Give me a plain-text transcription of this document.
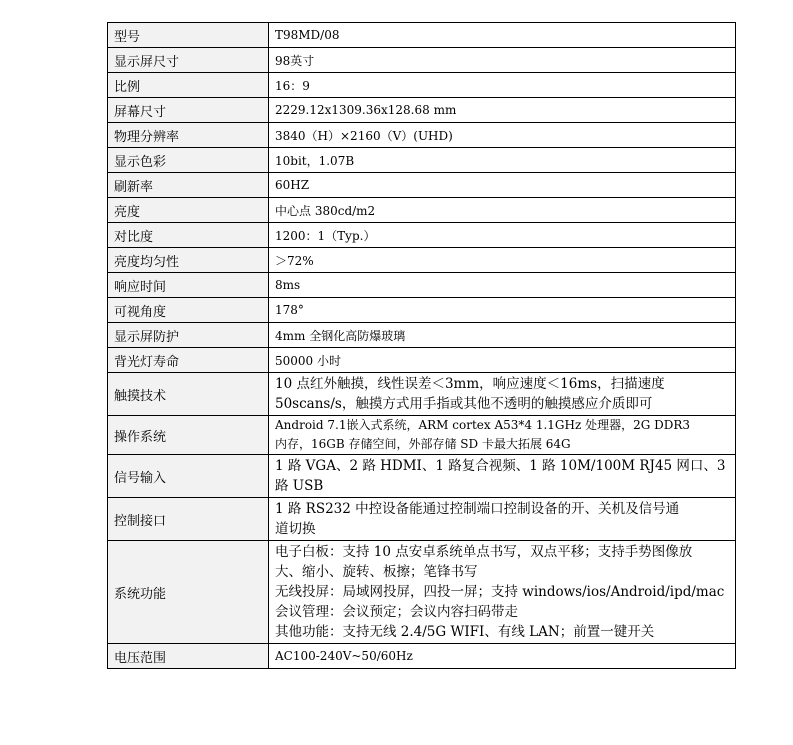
型号	T98MD/08

显示屏尺寸	98英寸

比例	16：9

屏幕尺寸	2229.12x1309.36x128.68 mm

物理分辨率	3840（H）×2160（V）(UHD)

显示色彩	10bit，1.07B

刷新率	60HZ

亮度	中心点 380cd/m2

对比度	1200：1（Typ.）

亮度均匀性	＞72%

响应时间	8ms

可视角度	178°

显示屏防护	4mm 全钢化高防爆玻璃

背光灯寿命	50000 小时

触摸技术	10 点红外触摸，线性误差＜3mm，响应速度＜16ms，扫描速度
50scans/s，触摸方式用手指或其他不透明的触摸感应介质即可

操作系统	Android 7.1嵌入式系统，ARM cortex A53*4 1.1GHz 处理器，2G DDR3
内存，16GB 存储空间，外部存储 SD 卡最大拓展 64G

信号输入	1 路 VGA、2 路 HDMI、1 路复合视频、1 路 10M/100M RJ45 网口、3
路 USB

控制接口	1 路 RS232 中控设备能通过控制端口控制设备的开、关机及信号通
道切换

系统功能	电子白板：支持 10 点安卓系统单点书写，双点平移；支持手势图像放
大、缩小、旋转、板擦；笔锋书写
无线投屏：局域网投屏，四投一屏；支持 windows/ios/Android/ipd/mac
会议管理：会议预定；会议内容扫码带走
其他功能：支持无线 2.4/5G WIFI、有线 LAN；前置一键开关

电压范围	AC100-240V~50/60Hz
